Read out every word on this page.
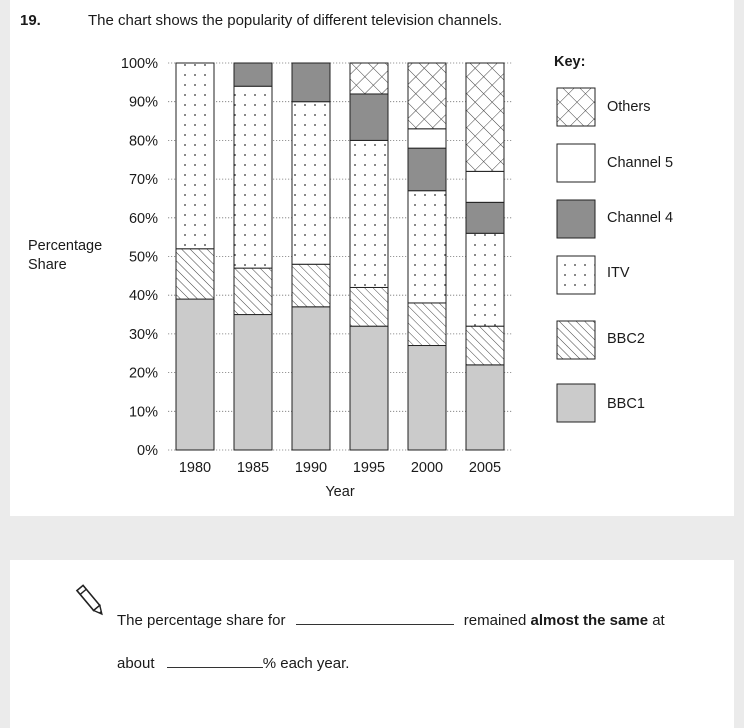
19.	The chart shows the popularity of different television channels.
Percentage Share
0%
10%
20%
30%
40%
50%
60%
70%
80%
90%
100%
1980 1985 1990 1995 2000 2005
Year
Key:
Others
Channel 5
Channel 4
ITV
BBC2
BBC1
The percentage share for	remained almost the same at
about	% each year.
